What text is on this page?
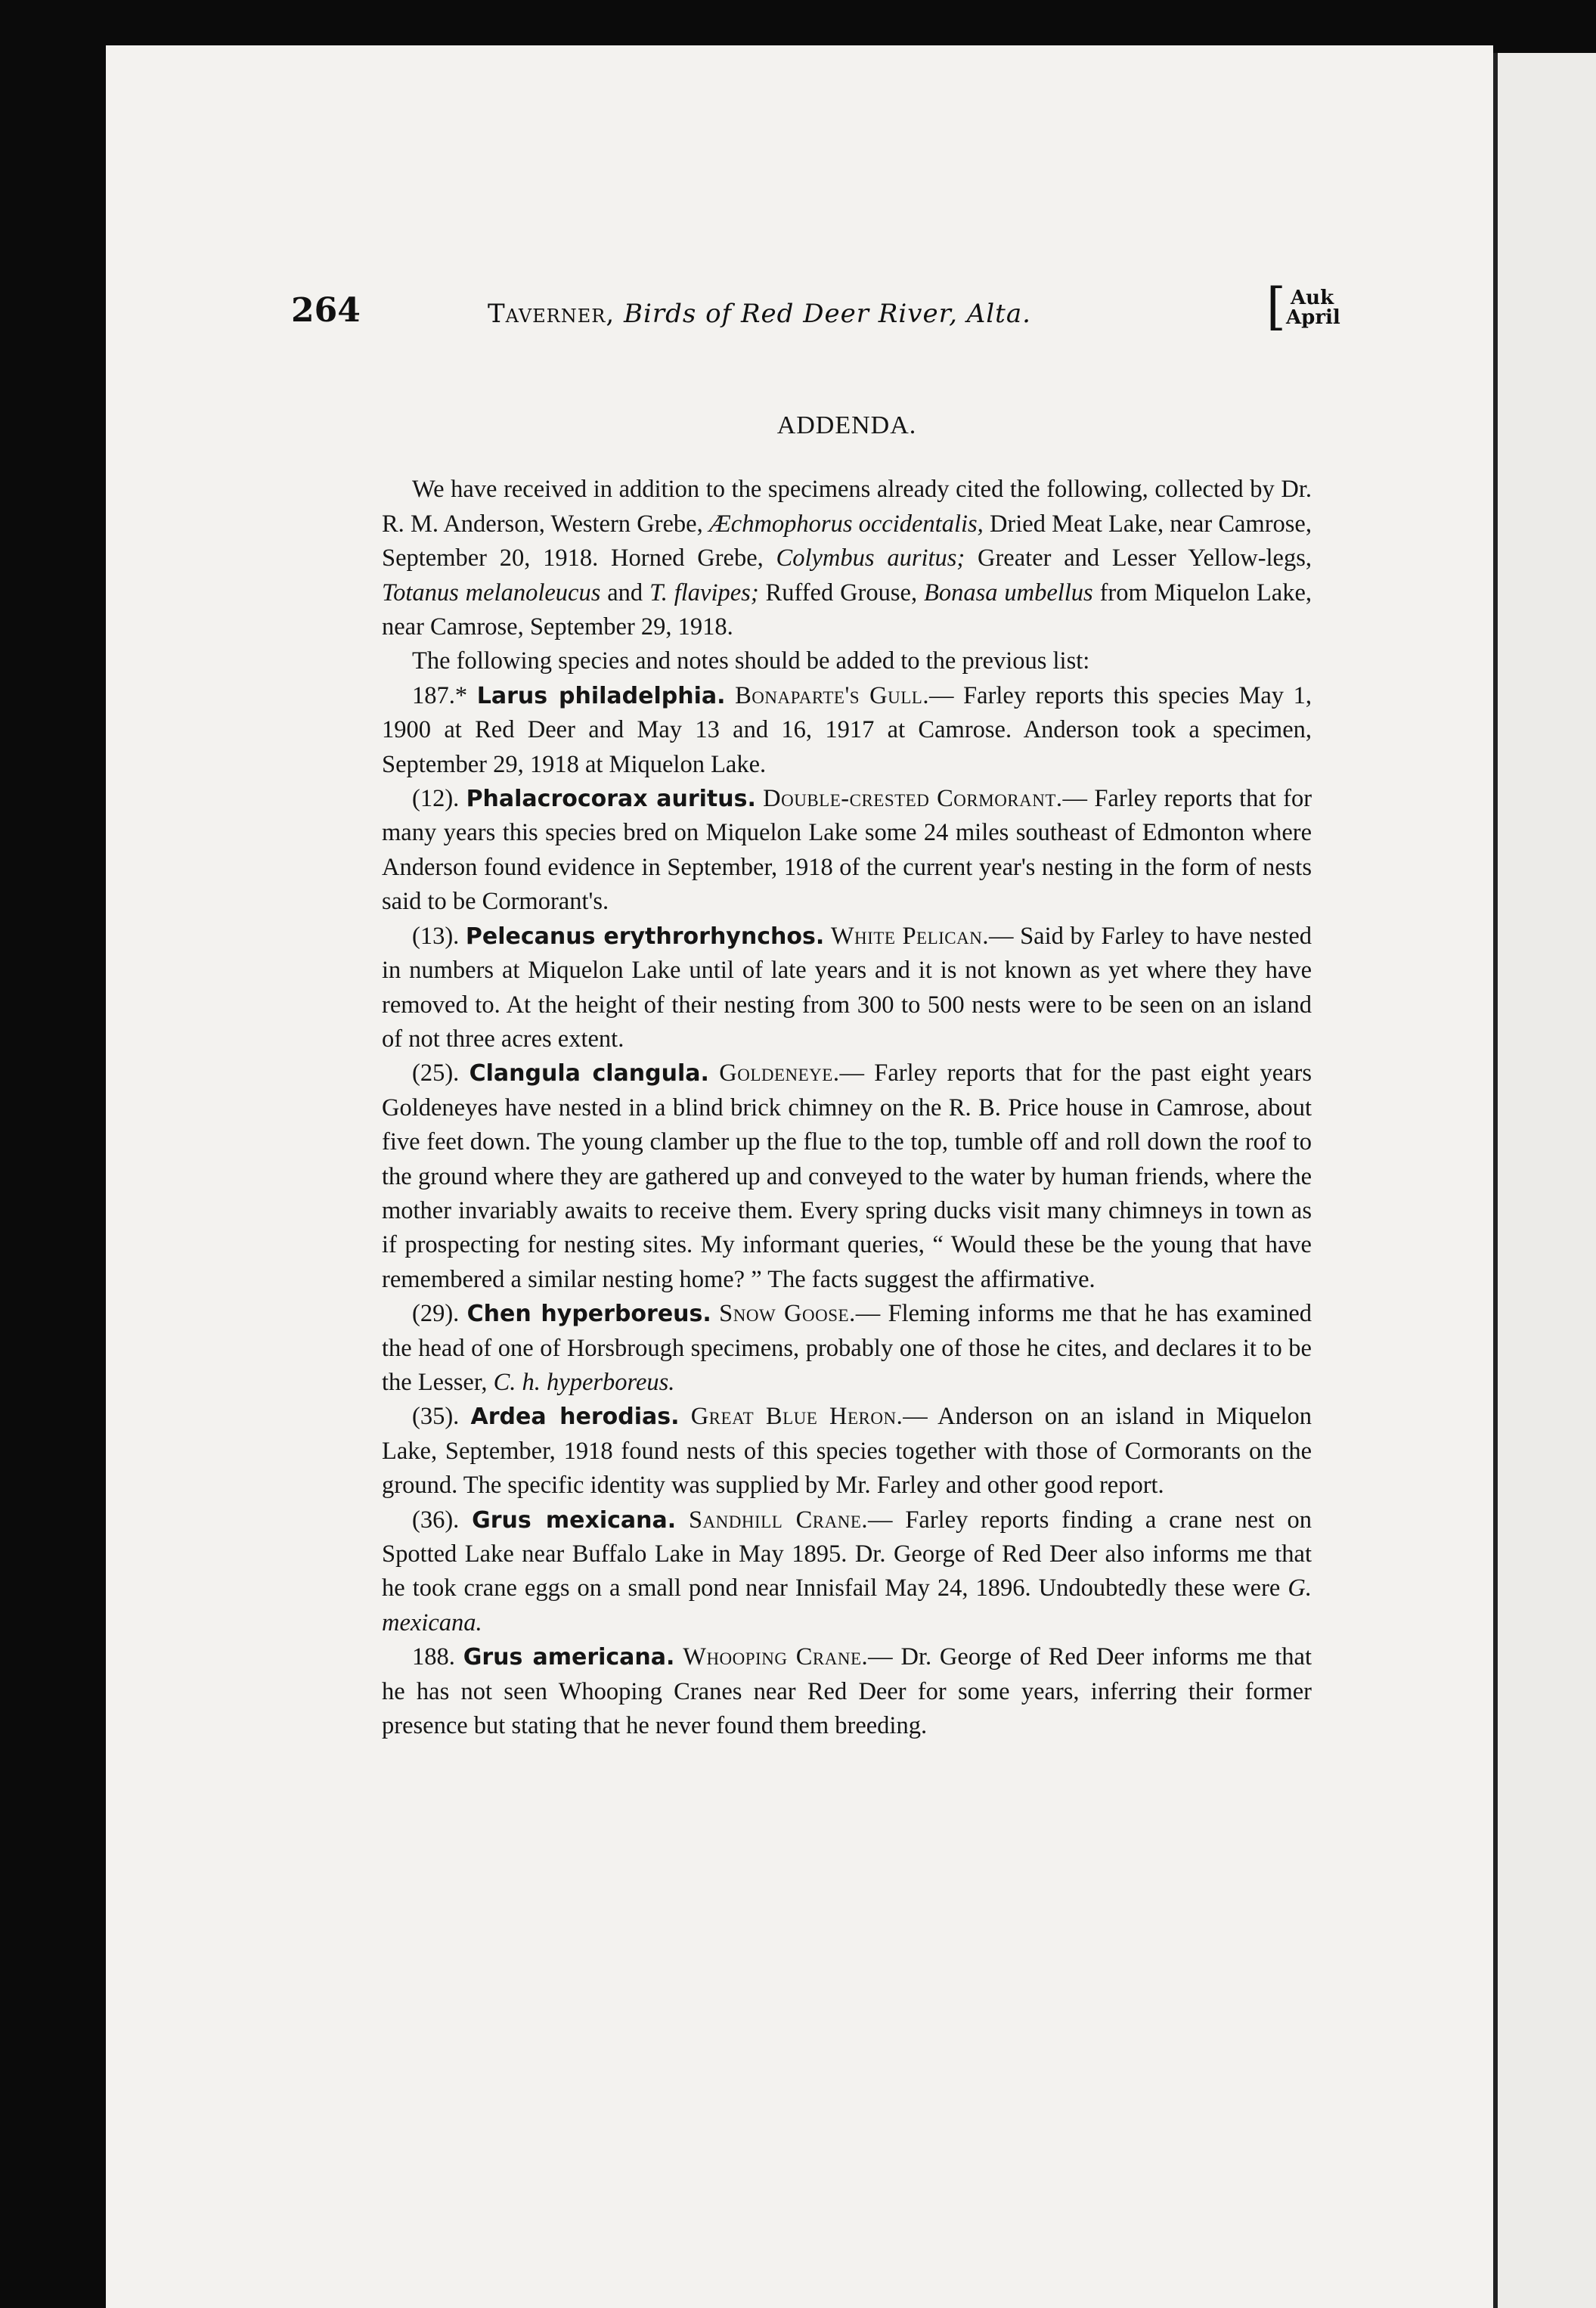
264	Taverner, Birds of Red Deer River, Alta.	[ Auk
April
ADDENDA.

We have received in addition to the specimens already cited the following, collected by Dr. R. M. Anderson, Western Grebe, Æchmophorus occidentalis, Dried Meat Lake, near Camrose, September 20, 1918. Horned Grebe, Colymbus auritus; Greater and Lesser Yellow-legs, Totanus melanoleucus and T. flavipes; Ruffed Grouse, Bonasa umbellus from Miquelon Lake, near Camrose, September 29, 1918.

The following species and notes should be added to the previous list:

187.* Larus philadelphia. Bonaparte's Gull.— Farley reports this species May 1, 1900 at Red Deer and May 13 and 16, 1917 at Camrose. Anderson took a specimen, September 29, 1918 at Miquelon Lake.

(12). Phalacrocorax auritus. Double-crested Cormorant.— Farley reports that for many years this species bred on Miquelon Lake some 24 miles southeast of Edmonton where Anderson found evidence in September, 1918 of the current year's nesting in the form of nests said to be Cormorant's.

(13). Pelecanus erythrorhynchos. White Pelican.— Said by Farley to have nested in numbers at Miquelon Lake until of late years and it is not known as yet where they have removed to. At the height of their nesting from 300 to 500 nests were to be seen on an island of not three acres extent.

(25). Clangula clangula. Goldeneye.— Farley reports that for the past eight years Goldeneyes have nested in a blind brick chimney on the R. B. Price house in Camrose, about five feet down. The young clamber up the flue to the top, tumble off and roll down the roof to the ground where they are gathered up and conveyed to the water by human friends, where the mother invariably awaits to receive them. Every spring ducks visit many chimneys in town as if prospecting for nesting sites. My informant queries, “ Would these be the young that have remembered a similar nesting home? ” The facts suggest the affirmative.

(29). Chen hyperboreus. Snow Goose.— Fleming informs me that he has examined the head of one of Horsbrough specimens, probably one of those he cites, and declares it to be the Lesser, C. h. hyperboreus.

(35). Ardea herodias. Great Blue Heron.— Anderson on an island in Miquelon Lake, September, 1918 found nests of this species together with those of Cormorants on the ground. The specific identity was supplied by Mr. Farley and other good report.

(36). Grus mexicana. Sandhill Crane.— Farley reports finding a crane nest on Spotted Lake near Buffalo Lake in May 1895. Dr. George of Red Deer also informs me that he took crane eggs on a small pond near Innisfail May 24, 1896. Undoubtedly these were G. mexicana.

188. Grus americana. Whooping Crane.— Dr. George of Red Deer informs me that he has not seen Whooping Cranes near Red Deer for some years, inferring their former presence but stating that he never found them breeding.
